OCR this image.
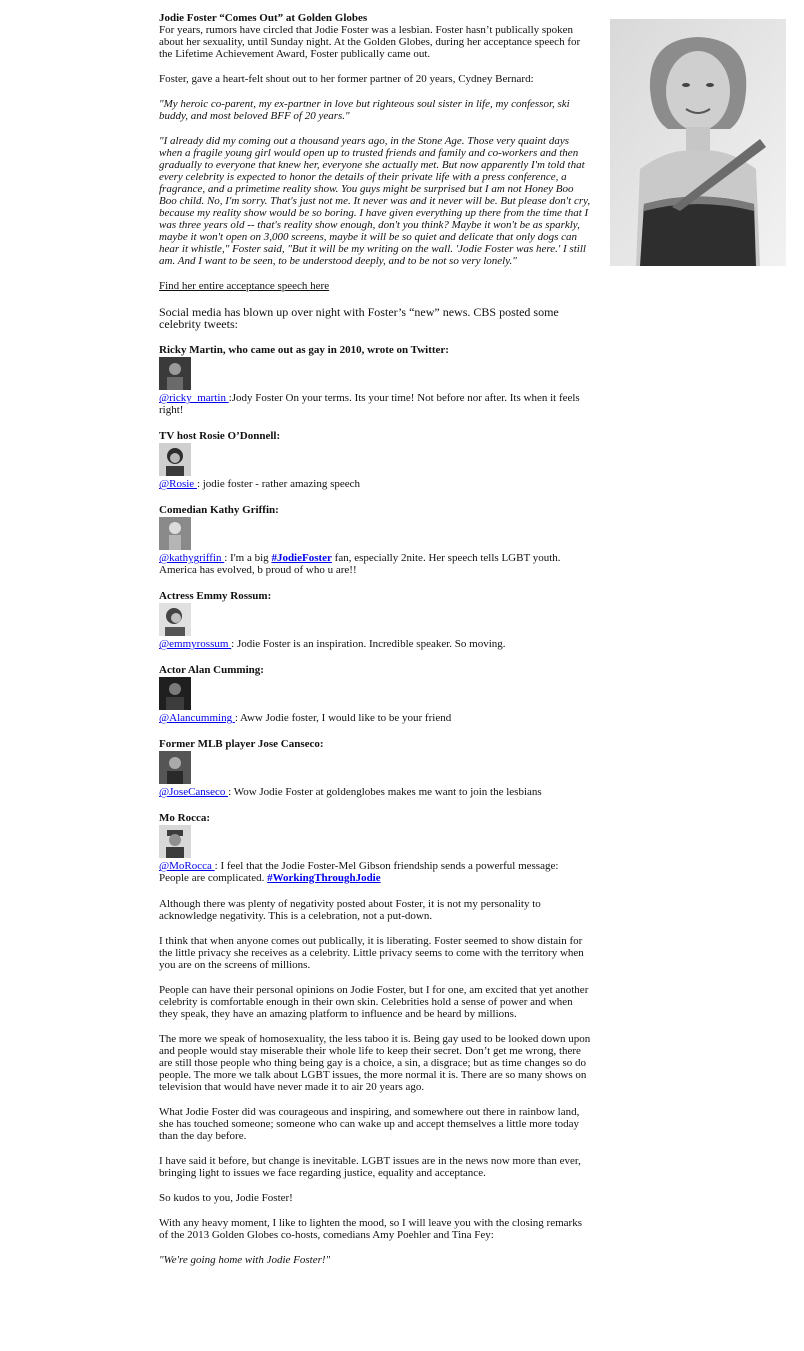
Jodie Foster “Comes Out” at Golden Globes

For years, rumors have circled that Jodie Foster was a lesbian. Foster hasn’t publically spoken about her sexuality, until Sunday night. At the Golden Globes, during her acceptance speech for the Lifetime Achievement Award, Foster publically came out.

Foster, gave a heart-felt shout out to her former partner of 20 years, Cydney Bernard:

"My heroic co-parent, my ex-partner in love but righteous soul sister in life, my confessor, ski buddy, and most beloved BFF of 20 years."

"I already did my coming out a thousand years ago, in the Stone Age. Those very quaint days when a fragile young girl would open up to trusted friends and family and co-workers and then gradually to everyone that knew her, everyone she actually met. But now apparently I'm told that every celebrity is expected to honor the details of their private life with a press conference, a fragrance, and a primetime reality show. You guys might be surprised but I am not Honey Boo Boo child. No, I'm sorry. That's just not me. It never was and it never will be. But please don't cry, because my reality show would be so boring. I have given everything up there from the time that I was three years old -- that's reality show enough, don't you think? Maybe it won't be as sparkly, maybe it won't open on 3,000 screens, maybe it will be so quiet and delicate that only dogs can hear it whistle," Foster said, "But it will be my writing on the wall. 'Jodie Foster was here.' I still am. And I want to be seen, to be understood deeply, and to be not so very lonely."

Find her entire acceptance speech here

Social media has blown up over night with Foster’s “new” news. CBS posted some celebrity tweets:

Ricky Martin, who came out as gay in 2010, wrote on Twitter:

@ricky_martin :Jody Foster On your terms. Its your time! Not before nor after. Its when it feels right!

TV host Rosie O’Donnell:

@Rosie : jodie foster - rather amazing speech

Comedian Kathy Griffin:

@kathygriffin : I'm a big #JodieFoster fan, especially 2nite. Her speech tells LGBT youth. America has evolved, b proud of who u are!!

Actress Emmy Rossum:

@emmyrossum : Jodie Foster is an inspiration. Incredible speaker. So moving.

Actor Alan Cumming:

@Alancumming : Aww Jodie foster, I would like to be your friend

Former MLB player Jose Canseco:

@JoseCanseco : Wow Jodie Foster at goldenglobes makes me want to join the lesbians

Mo Rocca:

@MoRocca : I feel that the Jodie Foster-Mel Gibson friendship sends a powerful message: People are complicated. #WorkingThroughJodie

Although there was plenty of negativity posted about Foster, it is not my personality to acknowledge negativity. This is a celebration, not a put-down.

I think that when anyone comes out publically, it is liberating. Foster seemed to show distain for the little privacy she receives as a celebrity. Little privacy seems to come with the territory when you are on the screens of millions.

People can have their personal opinions on Jodie Foster, but I for one, am excited that yet another celebrity is comfortable enough in their own skin. Celebrities hold a sense of power and when they speak, they have an amazing platform to influence and be heard by millions.

The more we speak of homosexuality, the less taboo it is. Being gay used to be looked down upon and people would stay miserable their whole life to keep their secret. Don’t get me wrong, there are still those people who thing being gay is a choice, a sin, a disgrace; but as time changes so do people. The more we talk about LGBT issues, the more normal it is. There are so many shows on television that would have never made it to air 20 years ago.

What Jodie Foster did was courageous and inspiring, and somewhere out there in rainbow land, she has touched someone; someone who can wake up and accept themselves a little more today than the day before.

I have said it before, but change is inevitable. LGBT issues are in the news now more than ever, bringing light to issues we face regarding justice, equality and acceptance.

So kudos to you, Jodie Foster!

With any heavy moment, I like to lighten the mood, so I will leave you with the closing remarks of the 2013 Golden Globes co-hosts, comedians Amy Poehler and Tina Fey:

"We're going home with Jodie Foster!"
